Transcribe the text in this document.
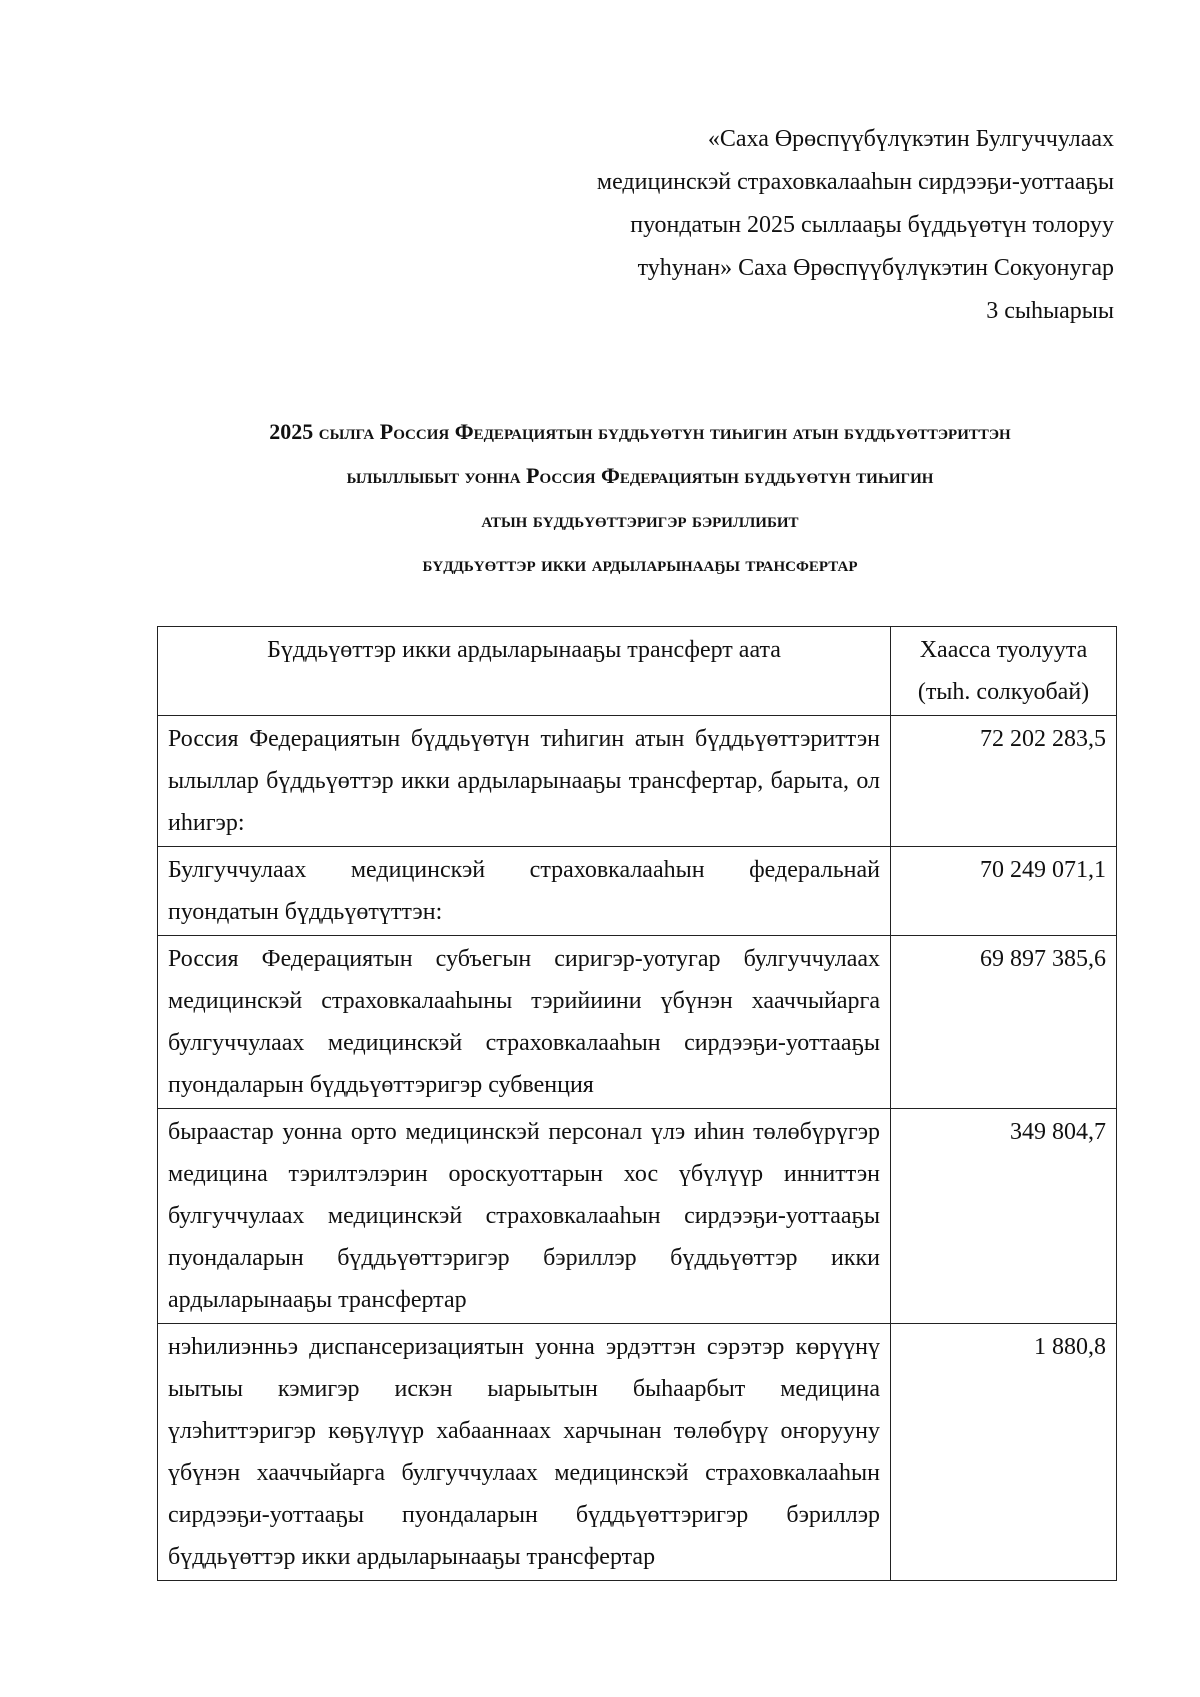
«Саха Өрөспүүбүлүкэтин Булгуччулаах
медицинскэй страховкалааһын сирдээҕи-уоттааҕы
пуондатын 2025 сыллааҕы бүддьүөтүн толоруу
туһунан» Саха Өрөспүүбүлүкэтин Сокуонугар
3 сыһыарыы
2025 сылга Россия Федерациятын бүддьүөтүн тиһигин атын бүддьүөттэриттэн
ылыллыбыт уонна Россия Федерациятын бүддьүөтүн тиһигин
атын бүддьүөттэригэр бэриллибит
бүддьүөттэр икки ардыларынааҕы трансфертар
Бүддьүөттэр икки ардыларынааҕы трансферт аата	Хаасса туолуута
(тыһ. солкуобай)

Россия Федерациятын бүддьүөтүн тиһигин атын бүддьүөттэриттэн ылыллар бүддьүөттэр икки ардыларынааҕы трансфертар, барыта, ол иһигэр:	72 202 283,5
Булгуччулаах медицинскэй страховкалааһын федеральнай пуондатын бүддьүөтүттэн:	70 249 071,1
Россия Федерациятын субъегын сиригэр-уотугар булгуччулаах медицинскэй страховкалааһыны тэрийиини үбүнэн хааччыйарга булгуччулаах медицинскэй страховкалааһын сирдээҕи-уоттааҕы пуондаларын бүддьүөттэригэр субвенция	69 897 385,6
быраастар уонна орто медицинскэй персонал үлэ иһин төлөбүрүгэр медицина тэрилтэлэрин ороскуоттарын хос үбүлүүр инниттэн булгуччулаах медицинскэй страховкалааһын сирдээҕи-уоттааҕы пуондаларын бүддьүөттэригэр бэриллэр бүддьүөттэр икки ардыларынааҕы трансфертар	349 804,7
нэһилиэнньэ диспансеризациятын уонна эрдэттэн сэрэтэр көрүүнү ыытыы кэмигэр искэн ыарыытын быһаарбыт медицина үлэһиттэригэр көҕүлүүр хабааннаах харчынан төлөбүрү оҥорууну үбүнэн хааччыйарга булгуччулаах медицинскэй страховкалааһын сирдээҕи-уоттааҕы пуондаларын бүддьүөттэригэр бэриллэр бүддьүөттэр икки ардыларынааҕы трансфертар	1 880,8
